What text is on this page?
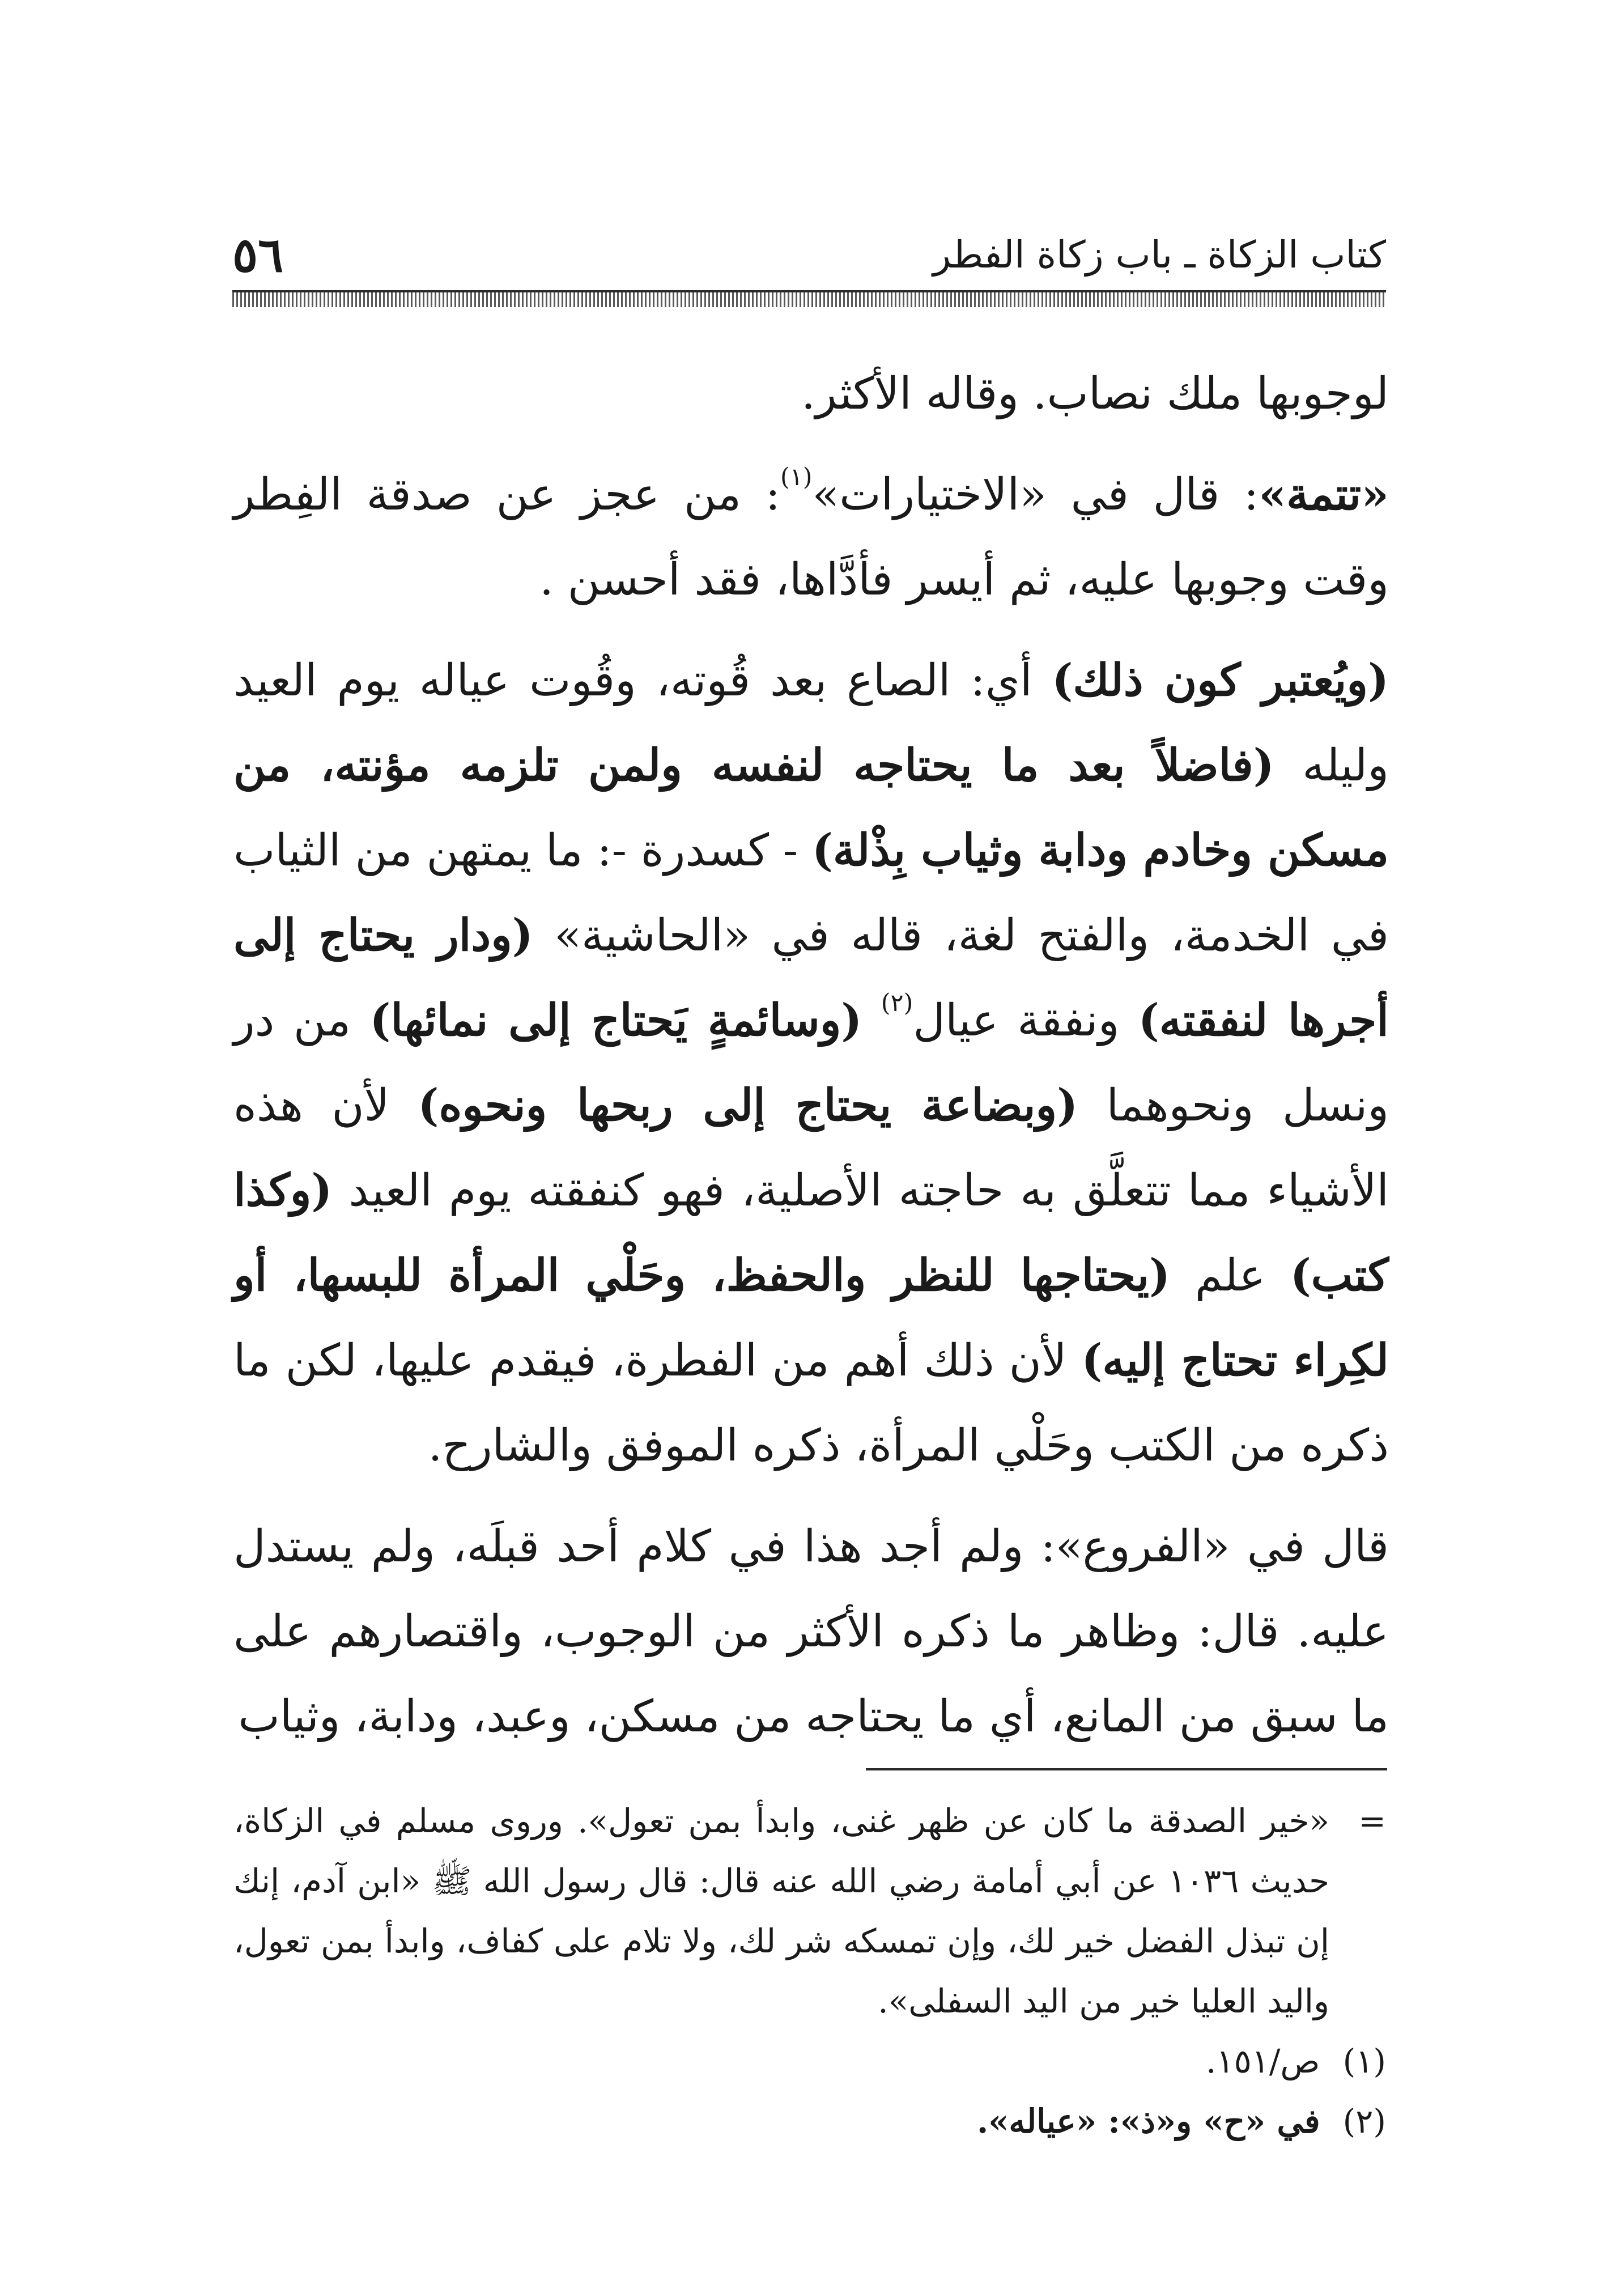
٥٦	كتاب الزكاة ـ باب زكاة الفطر

لوجوبها ملك نصاب. وقاله الأكثر.

«تتمة»: قال في «الاختيارات»$^{(١)}$: من عجز عن صدقة الفِطر وقت وجوبها عليه، ثم أيسر فأدَّاها، فقد أحسن .

(ويُعتبر كون ذلك) أي: الصاع بعد قُوته، وقُوت عياله يوم العيد وليله (فاضلاً بعد ما يحتاجه لنفسه ولمن تلزمه مؤنته، من مسكن وخادم ودابة وثياب بِذْلة) - كسدرة -: ما يمتهن من الثياب في الخدمة، والفتح لغة، قاله في «الحاشية» (ودار يحتاج إلى أجرها لنفقته) ونفقة عيال$^{(٢)}$ (وسائمةٍ يَحتاج إلى نمائها) من در ونسل ونحوهما (وبضاعة يحتاج إلى ربحها ونحوه) لأن هذه الأشياء مما تتعلَّق به حاجته الأصلية، فهو كنفقته يوم العيد (وكذا كتب) علم (يحتاجها للنظر والحفظ، وحَلْي المرأة للبسها، أو لكِراء تحتاج إليه) لأن ذلك أهم من الفطرة، فيقدم عليها، لكن ما ذكره من الكتب وحَلْي المرأة، ذكره الموفق والشارح.

قال في «الفروع»: ولم أجد هذا في كلام أحد قبلَه، ولم يستدل عليه. قال: وظاهر ما ذكره الأكثر من الوجوب، واقتصارهم على ما سبق من المانع، أي ما يحتاجه من مسكن، وعبد، ودابة، وثياب

=
«خير الصدقة ما كان عن ظهر غنى، وابدأ بمن تعول». وروى مسلم في الزكاة، حديث ١٠٣٦ عن أبي أمامة رضي الله عنه قال: قال رسول الله ﷺ «ابن آدم، إنك إن تبذل الفضل خير لك، وإن تمسكه شر لك، ولا تلام على كفاف، وابدأ بمن تعول، واليد العليا خير من اليد السفلى».

(١)ص/١٥١.

(٢)في «ح» و«ذ»: «عياله».
